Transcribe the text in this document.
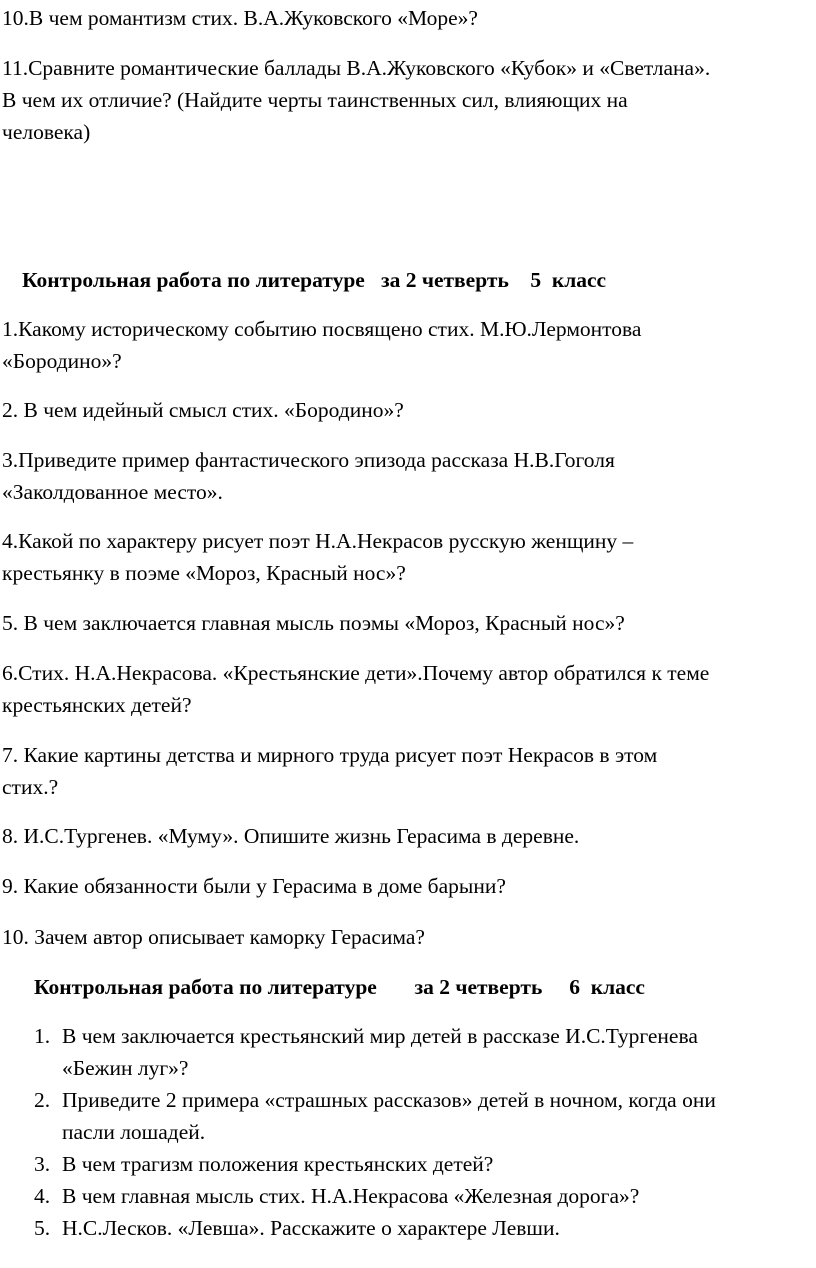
10.В чем романтизм стих. В.А.Жуковского «Море»?
11.Сравните романтические баллады В.А.Жуковского «Кубок» и «Светлана».
В чем их отличие? (Найдите черты таинственных сил, влияющих на
человека)
Контрольная работа по литературе   за 2 четверть    5  класс
1.Какому историческому событию посвящено стих. М.Ю.Лермонтова
«Бородино»?
2. В чем идейный смысл стих. «Бородино»?
3.Приведите пример фантастического эпизода рассказа Н.В.Гоголя
«Заколдованное место».
4.Какой по характеру рисует поэт Н.А.Некрасов русскую женщину –
крестьянку в поэме «Мороз, Красный нос»?
5. В чем заключается главная мысль поэмы «Мороз, Красный нос»?
6.Стих. Н.А.Некрасова. «Крестьянские дети».Почему автор обратился к теме
крестьянских детей?
7. Какие картины детства и мирного труда рисует поэт Некрасов в этом
стих.?
8. И.С.Тургенев. «Муму». Опишите жизнь Герасима в деревне.
9. Какие обязанности были у Герасима в доме барыни?
10. Зачем автор описывает каморку Герасима?
Контрольная работа по литературе       за 2 четверть     6  класс
1. В чем заключается крестьянский мир детей в рассказе И.С.Тургенева
«Бежин луг»?
2. Приведите 2 примера «страшных рассказов» детей в ночном, когда они
пасли лошадей.
3. В чем трагизм положения крестьянских детей?
4. В чем главная мысль стих. Н.А.Некрасова «Железная дорога»?
5. Н.С.Лесков. «Левша». Расскажите о характере Левши.
